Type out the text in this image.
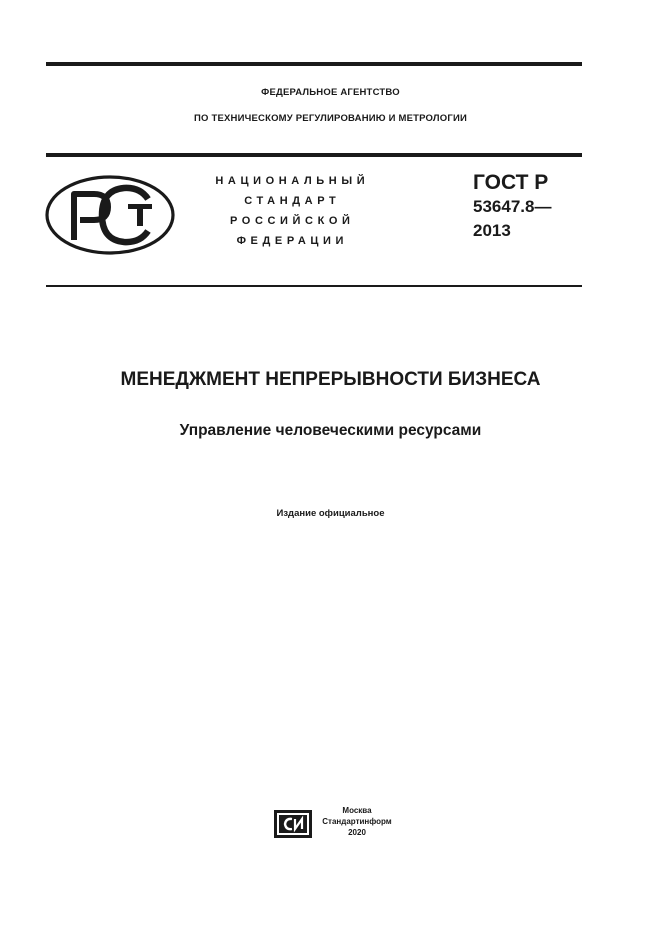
ФЕДЕРАЛЬНОЕ АГЕНТСТВО
ПО ТЕХНИЧЕСКОМУ РЕГУЛИРОВАНИЮ И МЕТРОЛОГИИ
НАЦИОНАЛЬНЫЙ
СТАНДАРТ
РОССИЙСКОЙ
ФЕДЕРАЦИИ
ГОСТ Р
53647.8—
2013
МЕНЕДЖМЕНТ НЕПРЕРЫВНОСТИ БИЗНЕСА
Управление человеческими ресурсами
Издание официальное
Москва
Стандартинформ
2020
